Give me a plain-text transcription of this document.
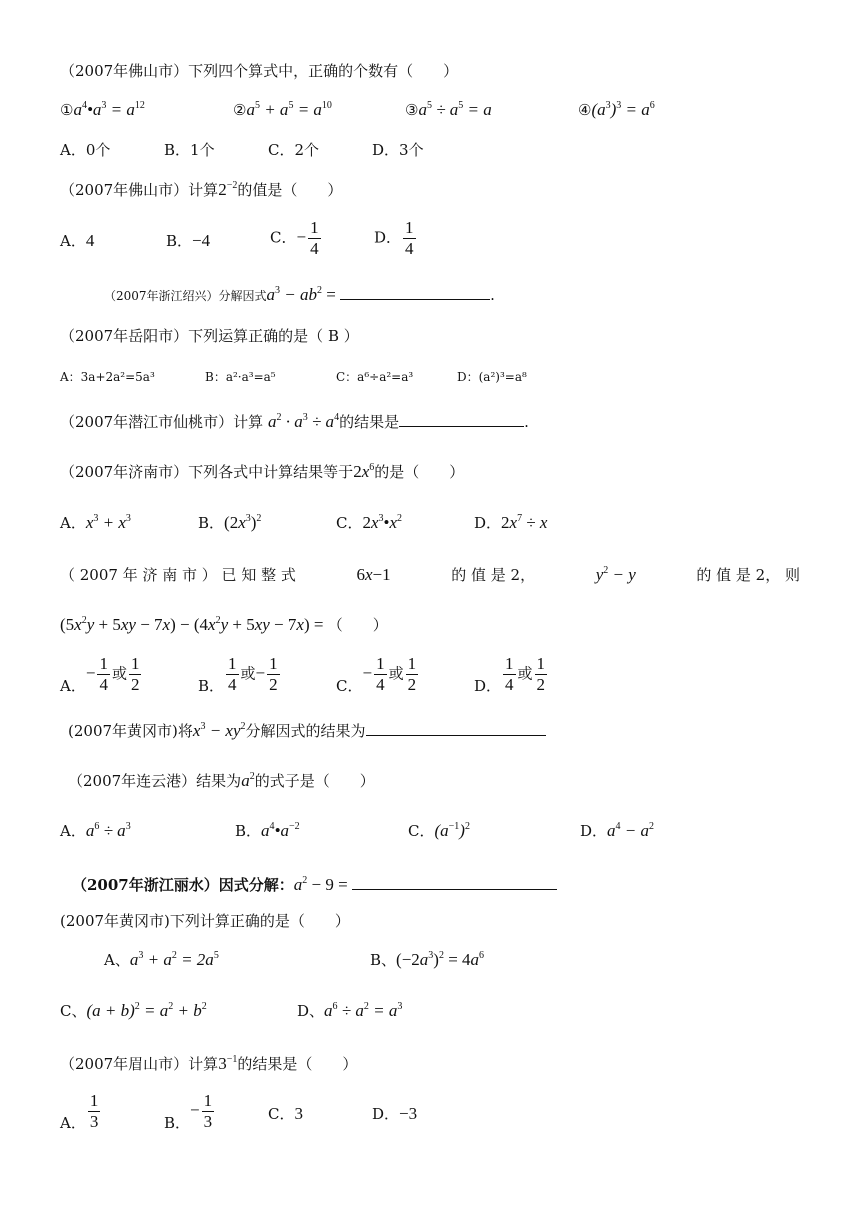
（2007年佛山市）下列四个算式中，正确的个数有（　　）
$①a^4•a^3 = a^{12}$	$②a^5 + a^5 = a^{10}$	$③a^5 \div a^5 = a$	$④(a^3)^3 = a^6$
A．0个	B．1个	C．2个	D．3个
（2007年佛山市）计算$2^{-2}$的值是（　　）
A．4	B．−4	C．− $\frac{1}{4}$	D． $\frac{1}{4}$
（2007年浙江绍兴）分解因式$a^3 - ab^2$ =	.
（2007年岳阳市）下列运算正确的是（ B ）
A：3a+2a²=5a³	B：a²·a³=a⁵	C：a⁶÷a²=a³	D：(a²)³=a⁸
（2007年潜江市仙桃市）计算 $a^2 \cdot a^3 \div a^4$的结果是	.
（2007年济南市）下列各式中计算结果等于$2x^6$的是（　　）
A．$x^3 + x^3$	B．$(2x^3)^2$	C．$2x^3•x^2$	D．$2x^7 \div x$
（ 2007 年 济 南 市 ） 已 知 整 式	6x−1	的 值 是 2，	$y^2 - y$	的 值 是 2， 则
$(5x^2y + 5xy - 7x) - (4x^2y + 5xy - 7x)$ = （　　）
A．− $\frac{1}{4}$ 或 $\frac{1}{2}$	B． $\frac{1}{4}$ 或− $\frac{1}{2}$	C．− $\frac{1}{4}$ 或 $\frac{1}{2}$	D． $\frac{1}{4}$ 或 $\frac{1}{2}$
(2007年黄冈市)将$x^3 - xy^2$分解因式的结果为
（2007年连云港）结果为$a^2$的式子是（　　）
A．$a^6 \div a^3$	B．$a^4•a^{-2}$	C．$(a^{-1})^2$	D．$a^4 - a^2$
（2007年浙江丽水）因式分解：$a^2 - 9$ =
(2007年黄冈市)下列计算正确的是（　　）
A、$a^3 + a^2 = 2a^5$	B、$(-2a^3)^2 = 4a^6$
C、$(a + b)^2 = a^2 + b^2$	D、$a^6 \div a^2 = a^3$
（2007年眉山市）计算$3^{-1}$的结果是（　　）
A． $\frac{1}{3}$	B．− $\frac{1}{3}$	C．3	D．−3
